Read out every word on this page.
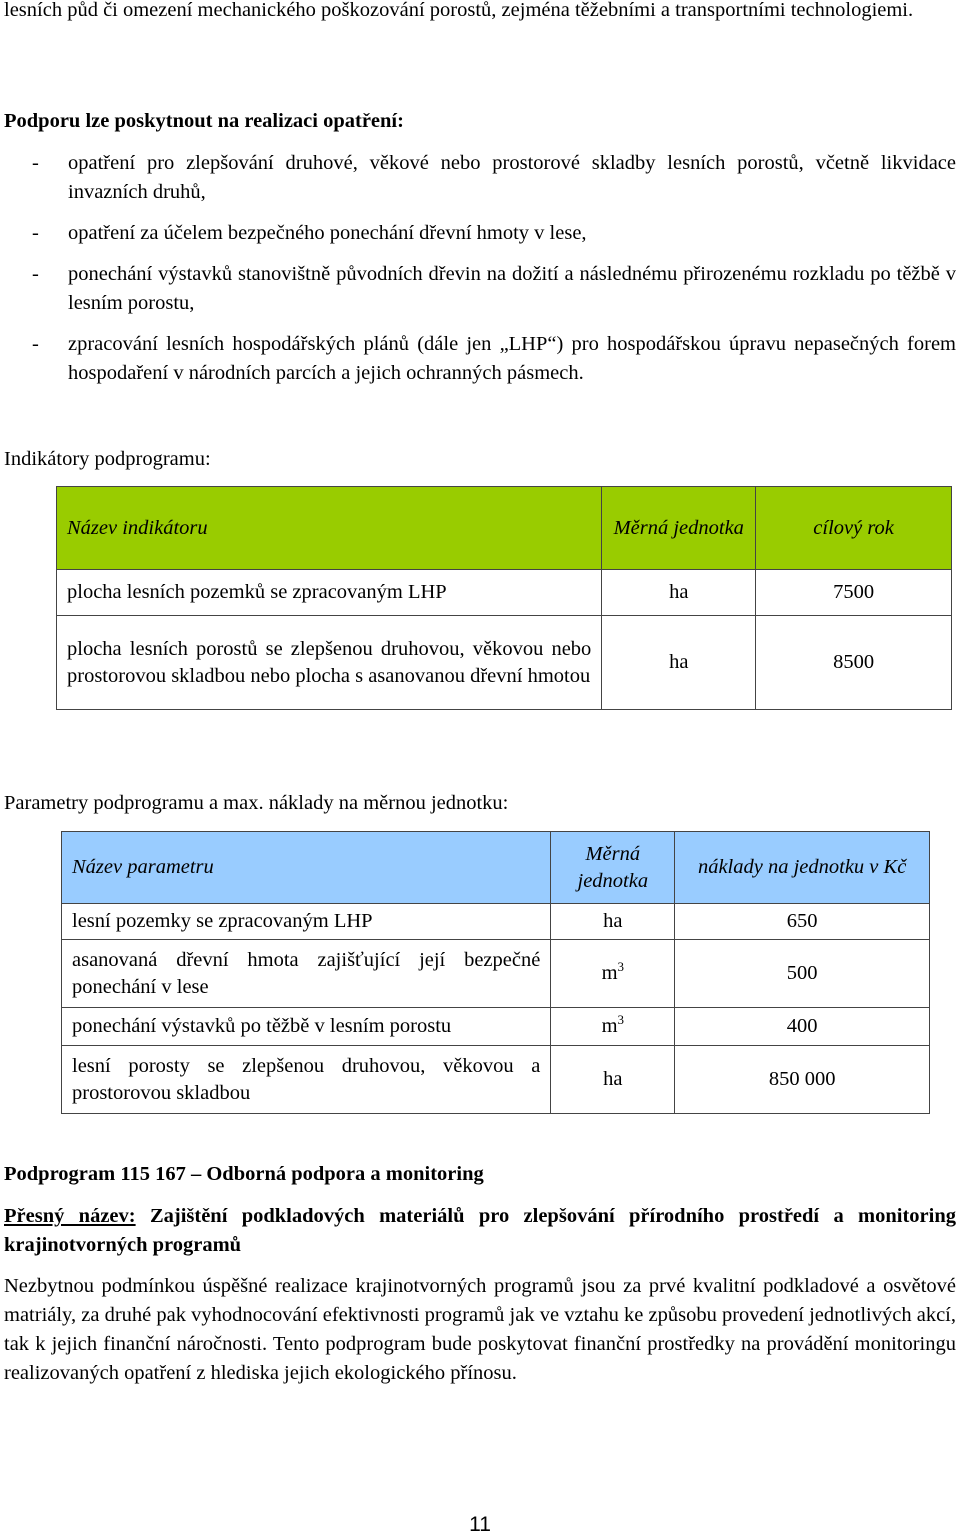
lesních půd či omezení mechanického poškozování porostů, zejména těžebními a transportními technologiemi.

Podporu lze poskytnout na realizaci opatření:

- opatření pro zlepšování druhové, věkové nebo prostorové skladby lesních porostů, včetně likvidace invazních druhů,
- opatření za účelem bezpečného ponechání dřevní hmoty v lese,
- ponechání výstavků stanovištně původních dřevin na dožití a následnému přirozenému rozkladu po těžbě v lesním porostu,
- zpracování lesních hospodářských plánů (dále jen „LHP“) pro hospodářskou úpravu nepasečných forem hospodaření v národních parcích a jejich ochranných pásmech.

Indikátory podprogramu:

Název indikátoru	Měrná jednotka	cílový rok
plocha lesních pozemků se zpracovaným LHP	ha	7500
plocha lesních porostů se zlepšenou druhovou, věkovou nebo prostorovou skladbou nebo plocha s asanovanou dřevní hmotou	ha	8500

Parametry podprogramu a max. náklady na měrnou jednotku:

Název parametru	Měrná jednotka	náklady na jednotku v Kč
lesní pozemky se zpracovaným LHP	ha	650
asanovaná dřevní hmota zajišťující její bezpečné ponechání v lese	$m^3$	500
ponechání výstavků po těžbě v lesním porostu	$m^3$	400
lesní porosty se zlepšenou druhovou, věkovou a prostorovou skladbou	ha	850 000

Podprogram 115 167 – Odborná podpora a monitoring

Přesný název: Zajištění podkladových materiálů pro zlepšování přírodního prostředí a monitoring krajinotvorných programů

Nezbytnou podmínkou úspěšné realizace krajinotvorných programů jsou za prvé kvalitní podkladové a osvětové matriály, za druhé pak vyhodnocování efektivnosti programů jak ve vztahu ke způsobu provedení jednotlivých akcí, tak k jejich finanční náročnosti. Tento podprogram bude poskytovat finanční prostředky na provádění monitoringu realizovaných opatření z hlediska jejich ekologického přínosu.

11
